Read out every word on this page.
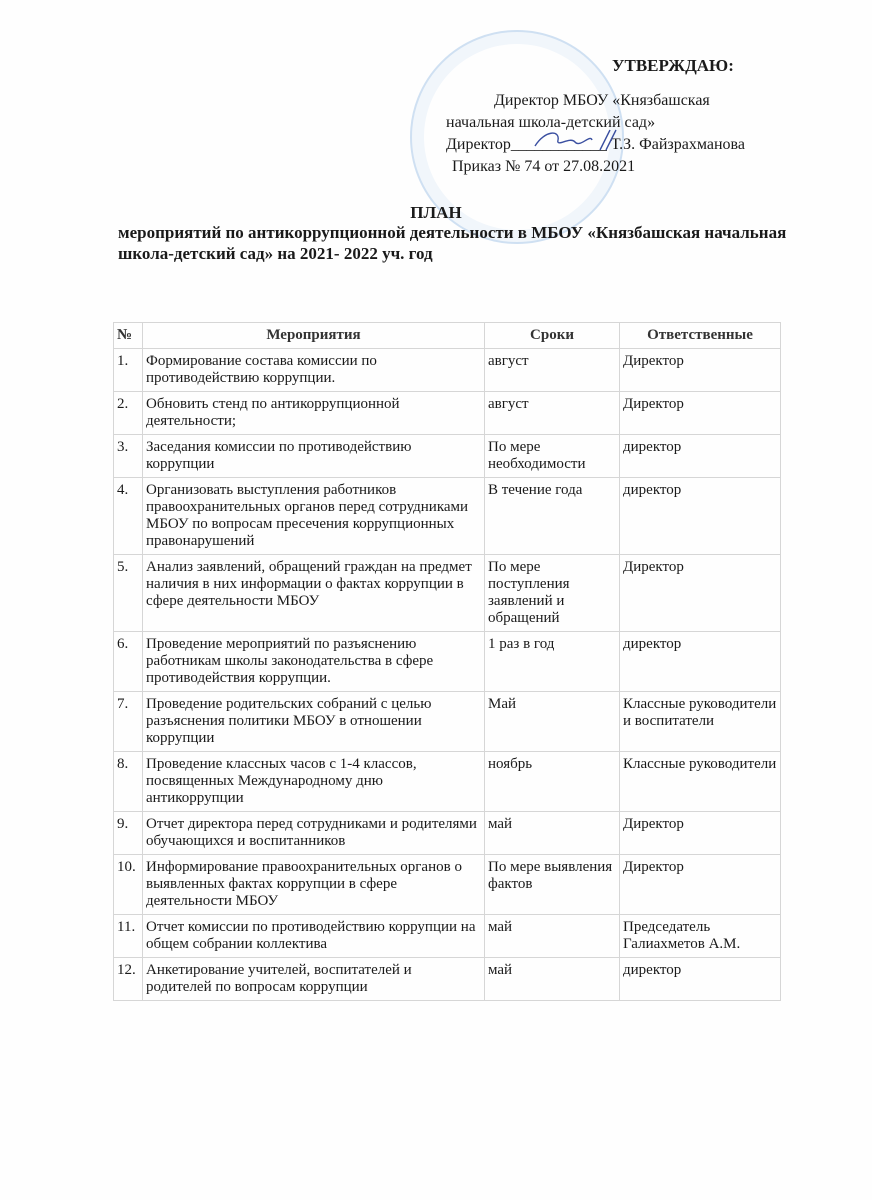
УТВЕРЖДАЮ:
Директор МБОУ «Князбашская
начальная школа-детский сад»
Директор____________ Т.З. Файзрахманова
Приказ № 74 от 27.08.2021
ПЛАН
мероприятий по антикоррупционной деятельности в МБОУ «Князбашская начальная школа-детский сад» на 2021- 2022 уч. год
№	Мероприятия	Сроки	Ответственные
1.	Формирование состава комиссии по противодействию коррупции.	август	Директор
2.	Обновить стенд по антикоррупционной деятельности;	август	Директор
3.	Заседания комиссии по противодействию коррупции	По мере необходимости	директор
4.	Организовать выступления работников правоохранительных органов перед сотрудниками МБОУ по вопросам пресечения коррупционных правонарушений	В течение года	директор
5.	Анализ заявлений, обращений граждан на предмет наличия в них информации о фактах коррупции в сфере деятельности МБОУ	По мере поступления заявлений и обращений	Директор
6.	Проведение мероприятий по разъяснению работникам школы законодательства в сфере противодействия коррупции.	1 раз в год	директор
7.	Проведение родительских собраний с целью разъяснения политики МБОУ в отношении коррупции	Май	Классные руководители и воспитатели
8.	Проведение классных часов с 1-4 классов, посвященных Международному дню антикоррупции	ноябрь	Классные руководители
9.	Отчет директора перед сотрудниками и родителями обучающихся и воспитанников	май	Директор
10.	Информирование правоохранительных органов о выявленных фактах коррупции в сфере деятельности МБОУ	По мере выявления фактов	Директор
11.	Отчет комиссии по противодействию коррупции на общем собрании коллектива	май	Председатель Галиахметов А.М.
12.	Анкетирование учителей, воспитателей и родителей по вопросам коррупции	май	директор
